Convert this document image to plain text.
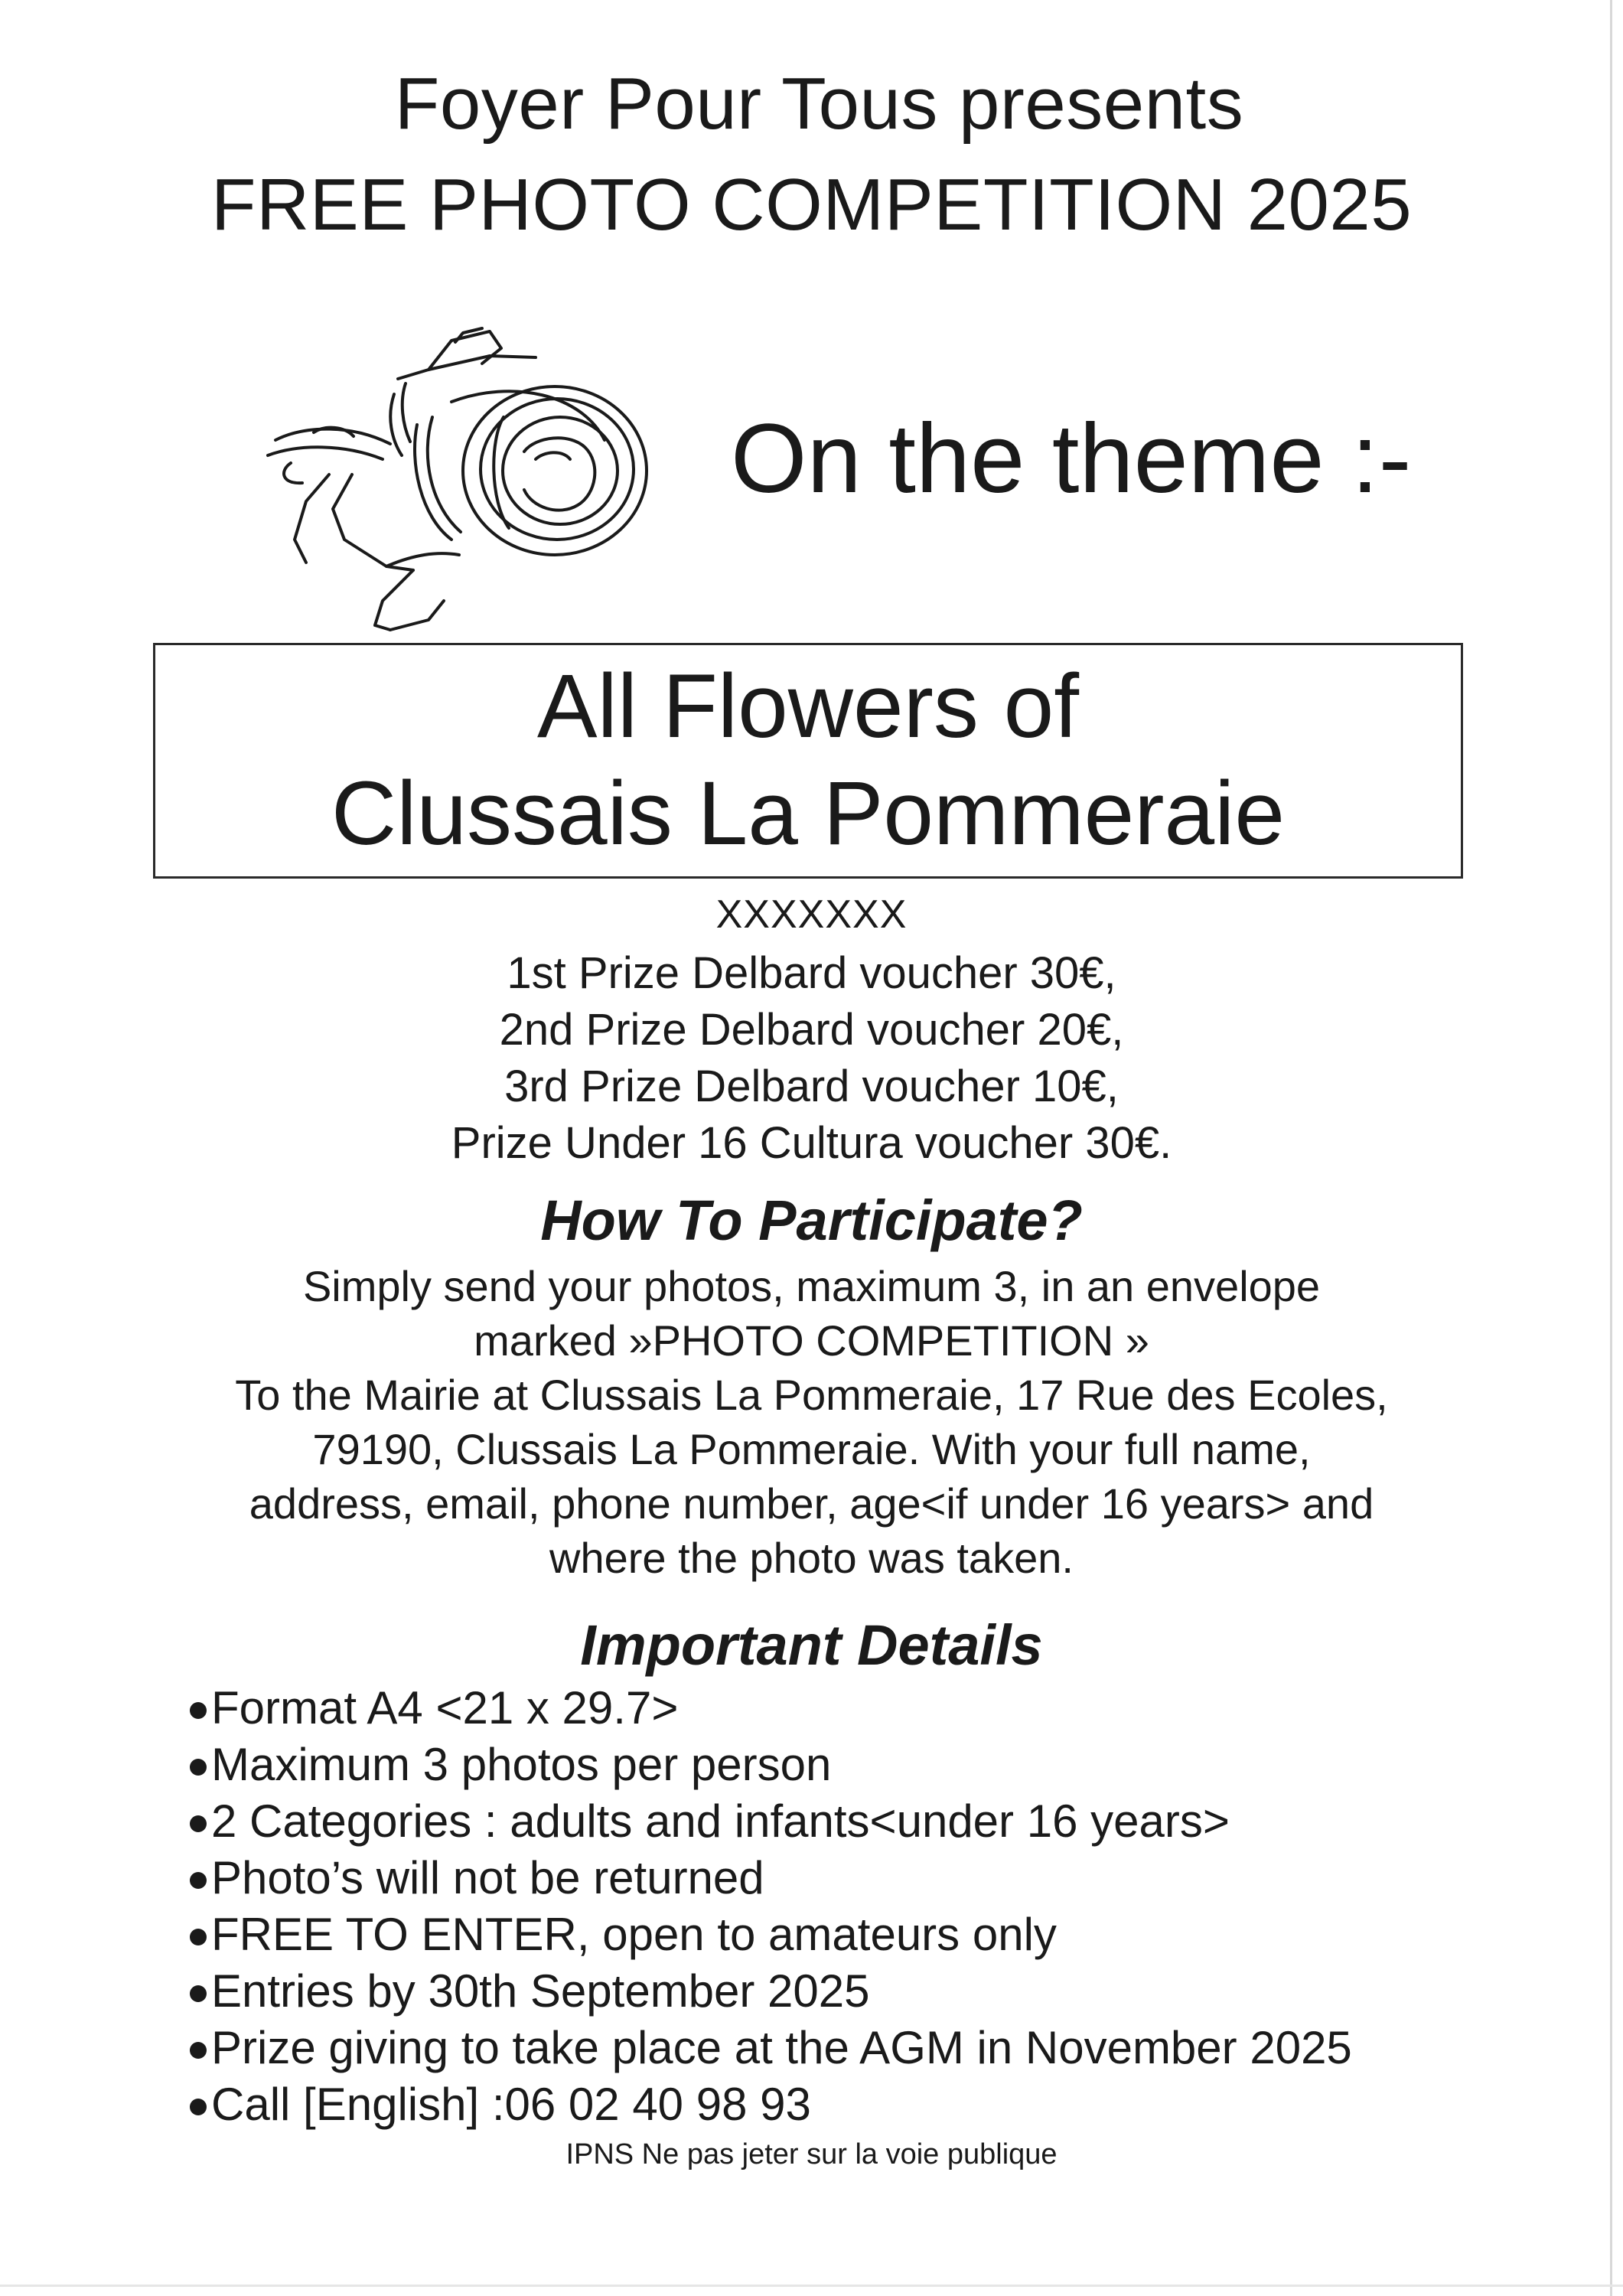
Foyer Pour Tous presents
FREE PHOTO COMPETITION 2025
On the theme :-
All Flowers of
Clussais La Pommeraie
XXXXXXX
1st Prize Delbard voucher 30€,
2nd Prize Delbard voucher 20€,
3rd Prize Delbard voucher 10€,
Prize Under 16 Cultura voucher 30€.
How To Participate?
Simply send your photos, maximum 3, in an envelope
marked »PHOTO COMPETITION »
To the Mairie at Clussais La Pommeraie, 17 Rue des Ecoles,
79190, Clussais La Pommeraie. With your full name,
address, email, phone number, age<if under 16 years> and
where the photo was taken.
Important Details
Format A4 <21 x 29.7>
Maximum 3 photos per person
2 Categories : adults and infants<under 16 years>
Photo’s will not be returned
FREE TO ENTER, open to amateurs only
Entries by 30th September 2025
Prize giving to take place at the AGM in November 2025
Call [English] :06 02 40 98 93
IPNS Ne pas jeter sur la voie publique
